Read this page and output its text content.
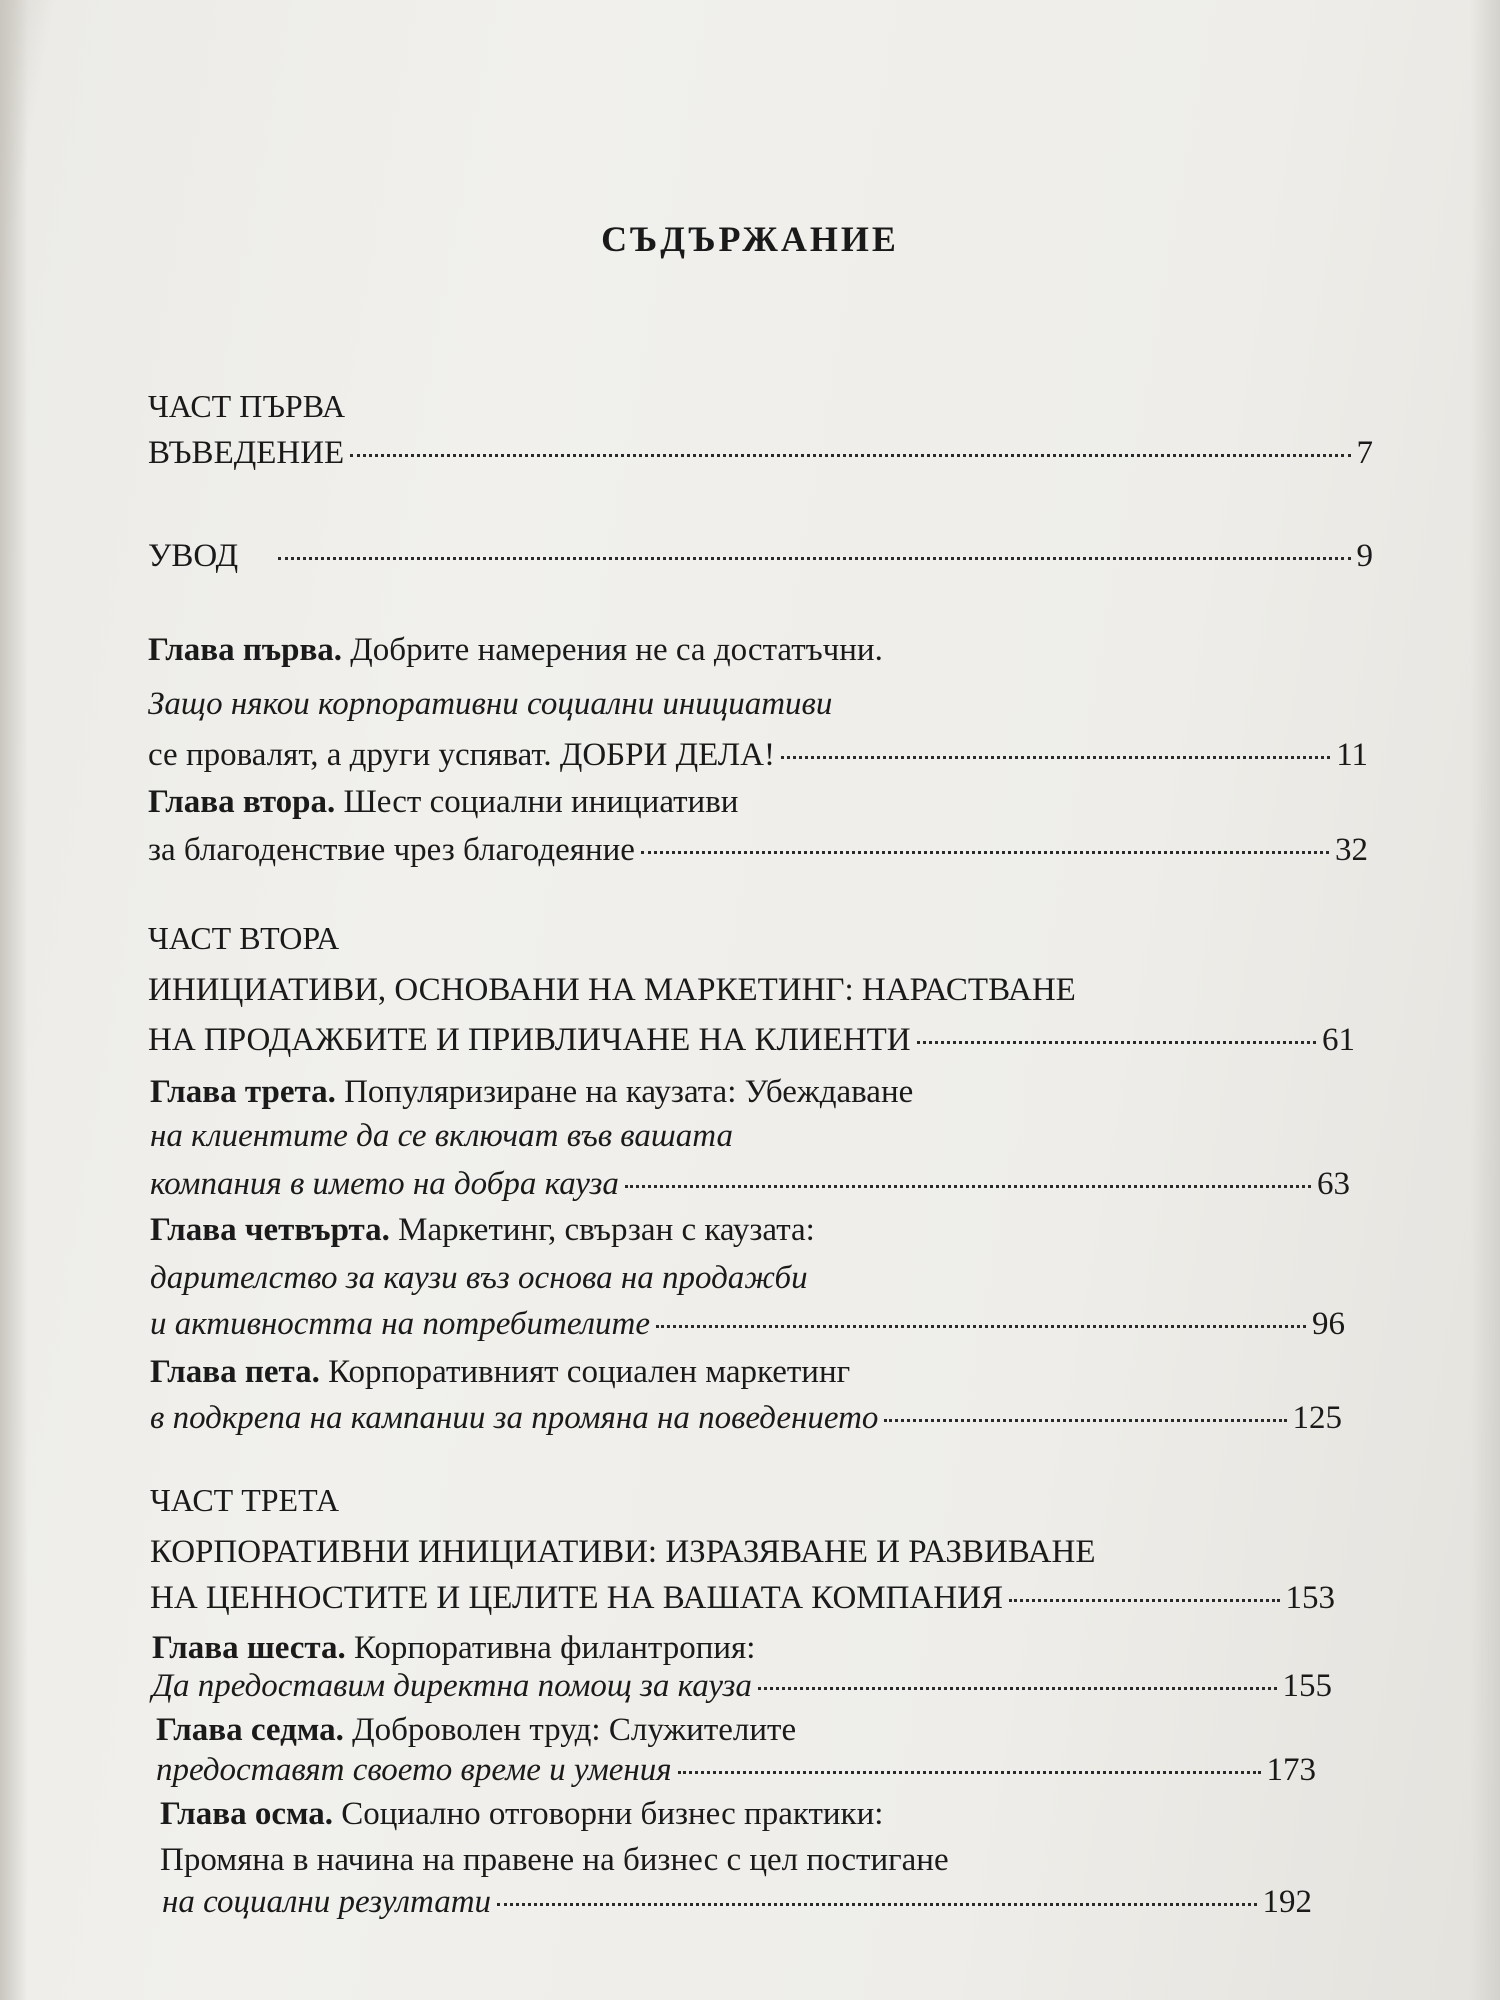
СЪДЪРЖАНИЕ
ЧАСТ ПЪРВА
ВЪВЕДЕНИЕ	7
УВОД	9
Глава първа.
Добрите намерения не са достатъчни.
Защо някои корпоративни социални инициативи
се провалят, а други успяват. ДОБРИ ДЕЛА!	11
Глава втора.
Шест социални инициативи
за благоденствие чрез благодеяние	32
ЧАСТ ВТОРА
ИНИЦИАТИВИ, ОСНОВАНИ НА МАРКЕТИНГ: НАРАСТВАНЕ
НА ПРОДАЖБИТЕ И ПРИВЛИЧАНЕ НА КЛИЕНТИ	61
Глава трета.
Популяризиране на каузата: Убеждаване
на клиентите да се включат във вашата
компания в името на добра кауза	63
Глава четвърта.
Маркетинг, свързан с каузата:
дарителство за каузи въз основа на продажби
и активността на потребителите	96
Глава пета.
Корпоративният социален маркетинг
в подкрепа на кампании за промяна на поведението	125
ЧАСТ ТРЕТА
КОРПОРАТИВНИ ИНИЦИАТИВИ: ИЗРАЗЯВАНЕ И РАЗВИВАНЕ
НА ЦЕННОСТИТЕ И ЦЕЛИТЕ НА ВАШАТА КОМПАНИЯ	153
Глава шеста.
Корпоративна филантропия:
Да предоставим директна помощ за кауза	155
Глава седма.
Доброволен труд: Служителите
предоставят своето време и умения	173
Глава осма.
Социално отговорни бизнес практики:
Промяна в начина на правене на бизнес с цел постигане
на социални резултати	192
